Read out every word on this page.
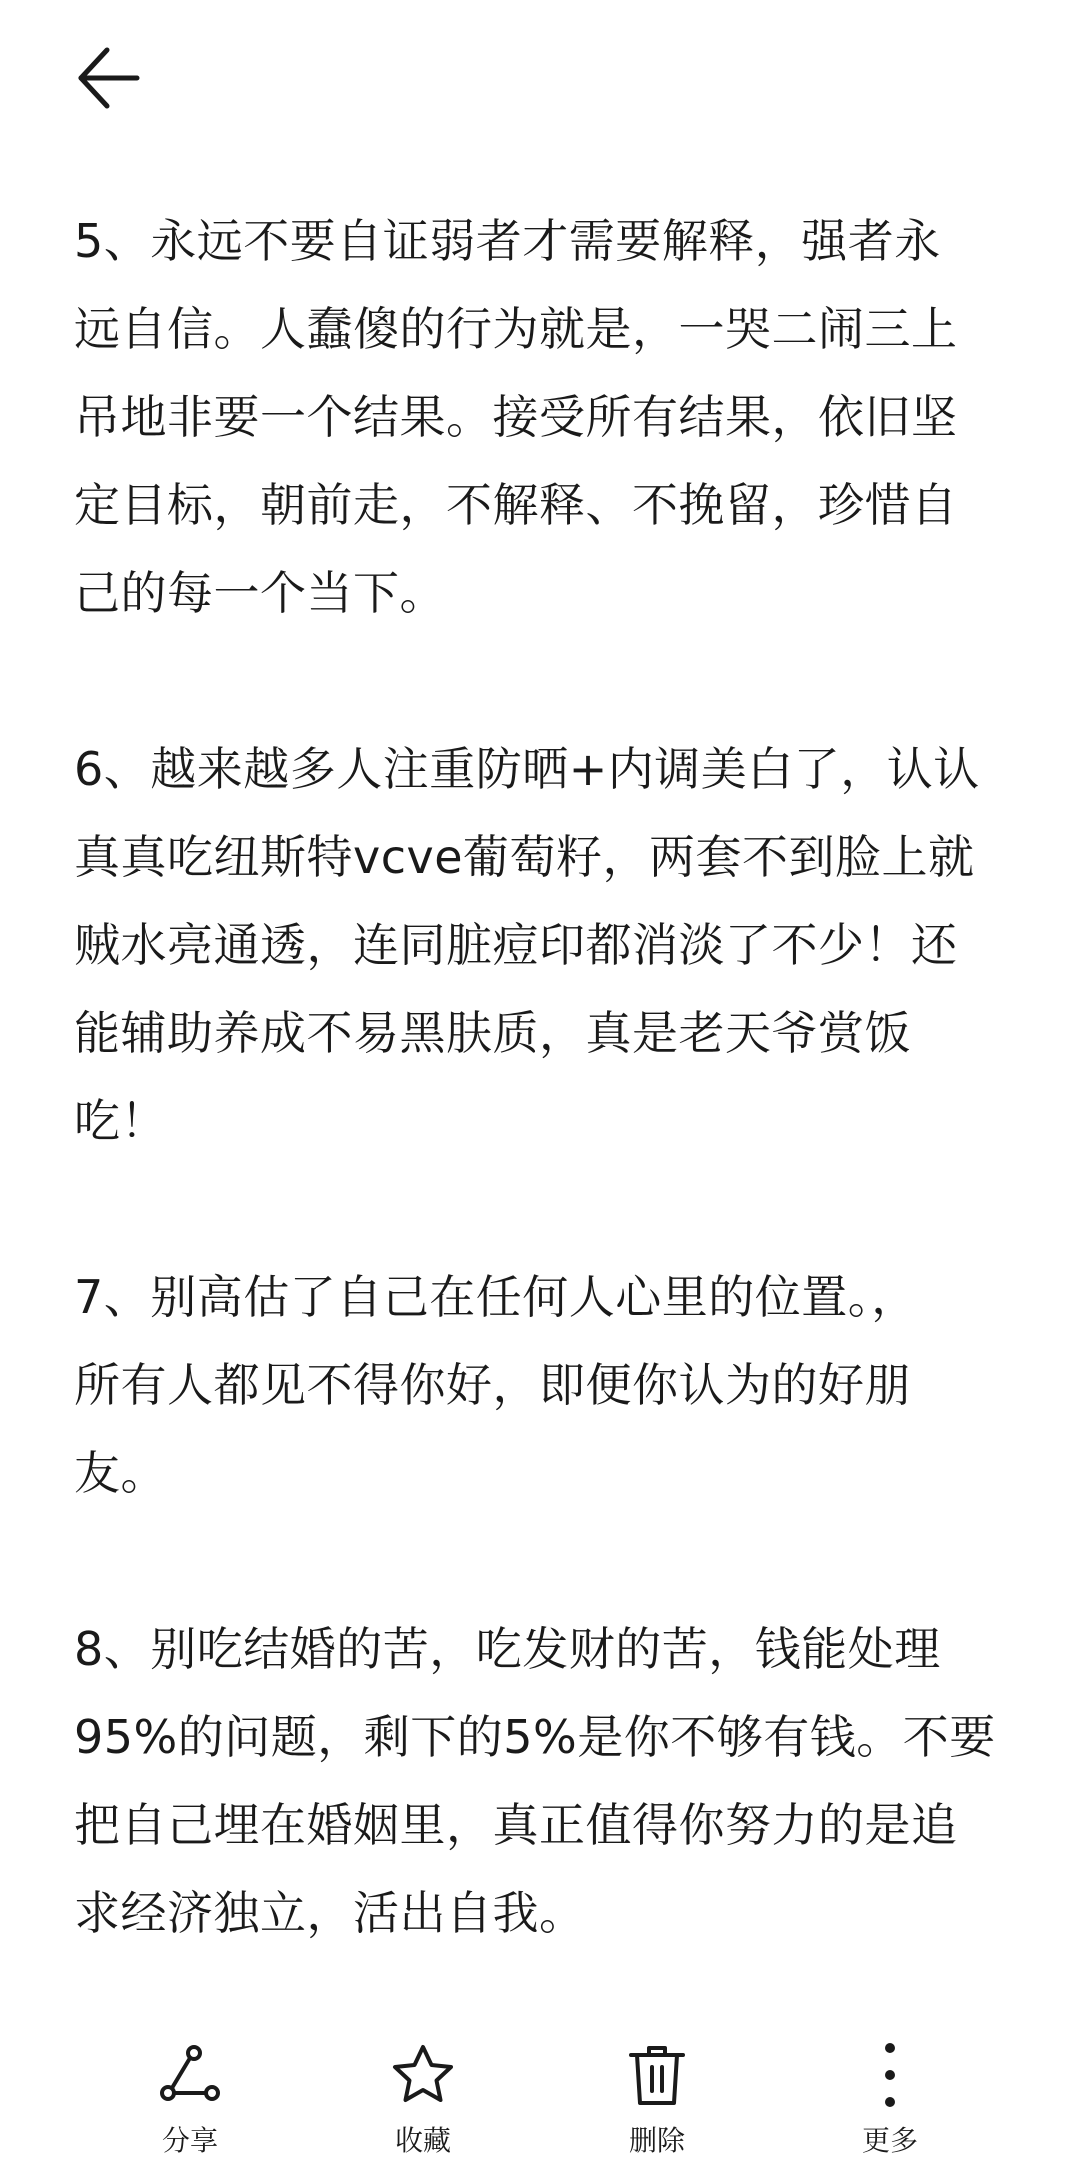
5、永远不要自证弱者才需要解释，强者永
远自信。人蠢傻的行为就是，一哭二闹三上
吊地非要一个结果。接受所有结果，依旧坚
定目标，朝前走，不解释、不挽留，珍惜自
己的每一个当下。

6、越来越多人注重防晒+内调美白了，认认
真真吃纽斯特vcve葡萄籽，两套不到脸上就
贼水亮通透，连同脏痘印都消淡了不少！还
能辅助养成不易黑肤质，真是老天爷赏饭
吃！

7、别高估了自己在任何人心里的位置。，
所有人都见不得你好，即便你认为的好朋
友。

8、别吃结婚的苦，吃发财的苦，钱能处理
95%的问题，剩下的5%是你不够有钱。不要
把自己埋在婚姻里，真正值得你努力的是追
求经济独立，活出自我。

分享	收藏	删除	更多
